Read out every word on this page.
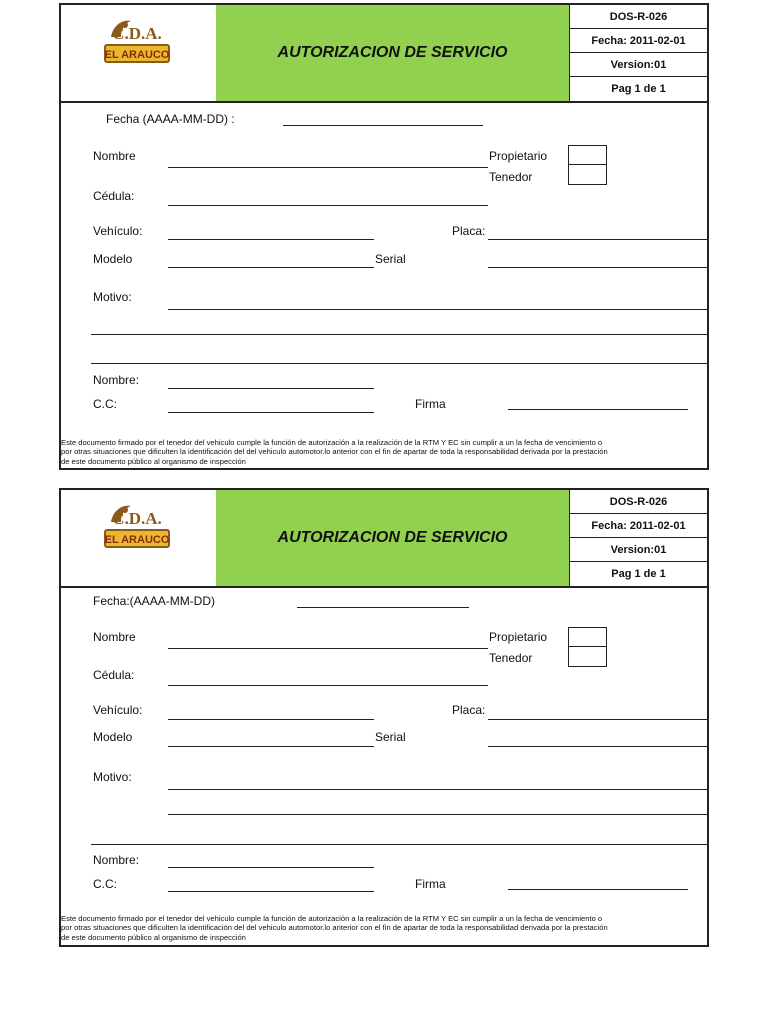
C.D.A.
EL ARAUCO	AUTORIZACION DE SERVICIO
DOS-R-026
Fecha: 2011-02-01
Version:01
Pag 1 de 1
Fecha (AAAA-MM-DD) :
Nombre	Propietario
Tenedor
Cédula:
Vehículo:	Placa:
Modelo	Serial
Motivo:
Nombre:
C.C:	Firma
Este documento firmado por el tenedor del vehiculo cumple la función de autorización a la realización de la RTM Y EC sin cumplir a un la fecha de vencimiento o
por otras situaciones que dificulten la identificación del del vehiculo automotor.lo anterior con el fin de apartar de toda la responsabilidad derivada por la prestación
de este documento público al organismo de inspección
C.D.A.
EL ARAUCO	AUTORIZACION DE SERVICIO
DOS-R-026
Fecha: 2011-02-01
Version:01
Pag 1 de 1
Fecha:(AAAA-MM-DD)
Nombre	Propietario
Tenedor
Cédula:
Vehículo:	Placa:
Modelo	Serial
Motivo:
Nombre:
C.C:	Firma
Este documento firmado por el tenedor del vehiculo cumple la función de autorización a la realización de la RTM Y EC sin cumplir a un la fecha de vencimiento o
por otras situaciones que dificulten la identificación del del vehiculo automotor.lo anterior con el fin de apartar de toda la responsabilidad derivada por la prestación
de este documento público al organismo de inspección
